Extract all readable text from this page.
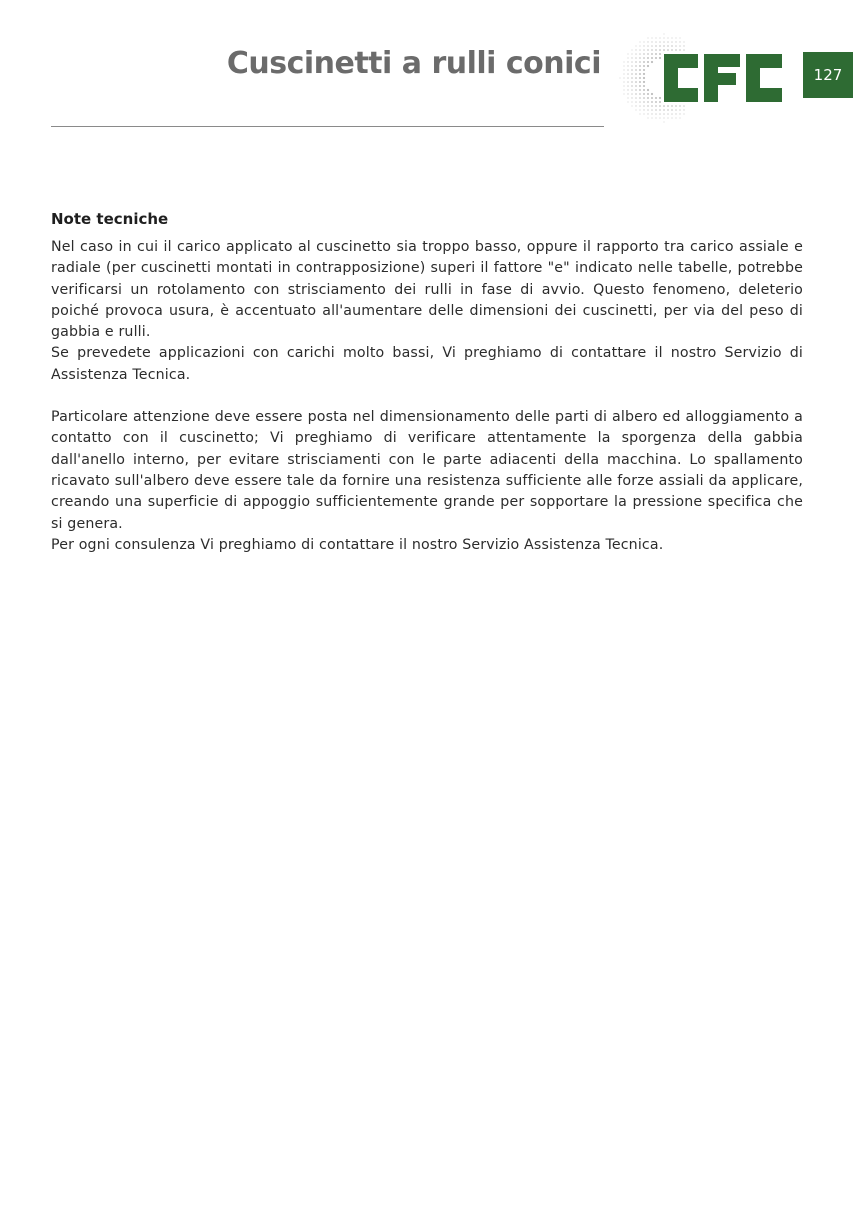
Cuscinetti a rulli conici
CFC
127
Note tecniche

Nel caso in cui il carico applicato al cuscinetto sia troppo basso, oppure il rapporto tra carico assiale e radiale (per cuscinetti montati in contrapposizione) superi il fattore "e" indicato nelle tabelle, potrebbe verificarsi un rotolamento con strisciamento dei rulli in fase di avvio. Questo fenomeno, deleterio poiché provoca usura, è accentuato all'aumentare delle dimensioni dei cuscinetti, per via del peso di gabbia e rulli.

Se prevedete applicazioni con carichi molto bassi, Vi preghiamo di contattare il nostro Servizio di Assistenza Tecnica.

Particolare attenzione deve essere posta nel dimensionamento delle parti di albero ed alloggiamento a contatto con il cuscinetto; Vi preghiamo di verificare attentamente la sporgenza della gabbia dall'anello interno, per evitare strisciamenti con le parte adiacenti della macchina. Lo spallamento ricavato sull'albero deve essere tale da fornire una resistenza sufficiente alle forze assiali da applicare, creando una superficie di appoggio sufficientemente grande per sopportare la pressione specifica che si genera.

Per ogni consulenza Vi preghiamo di contattare il nostro Servizio Assistenza Tecnica.
